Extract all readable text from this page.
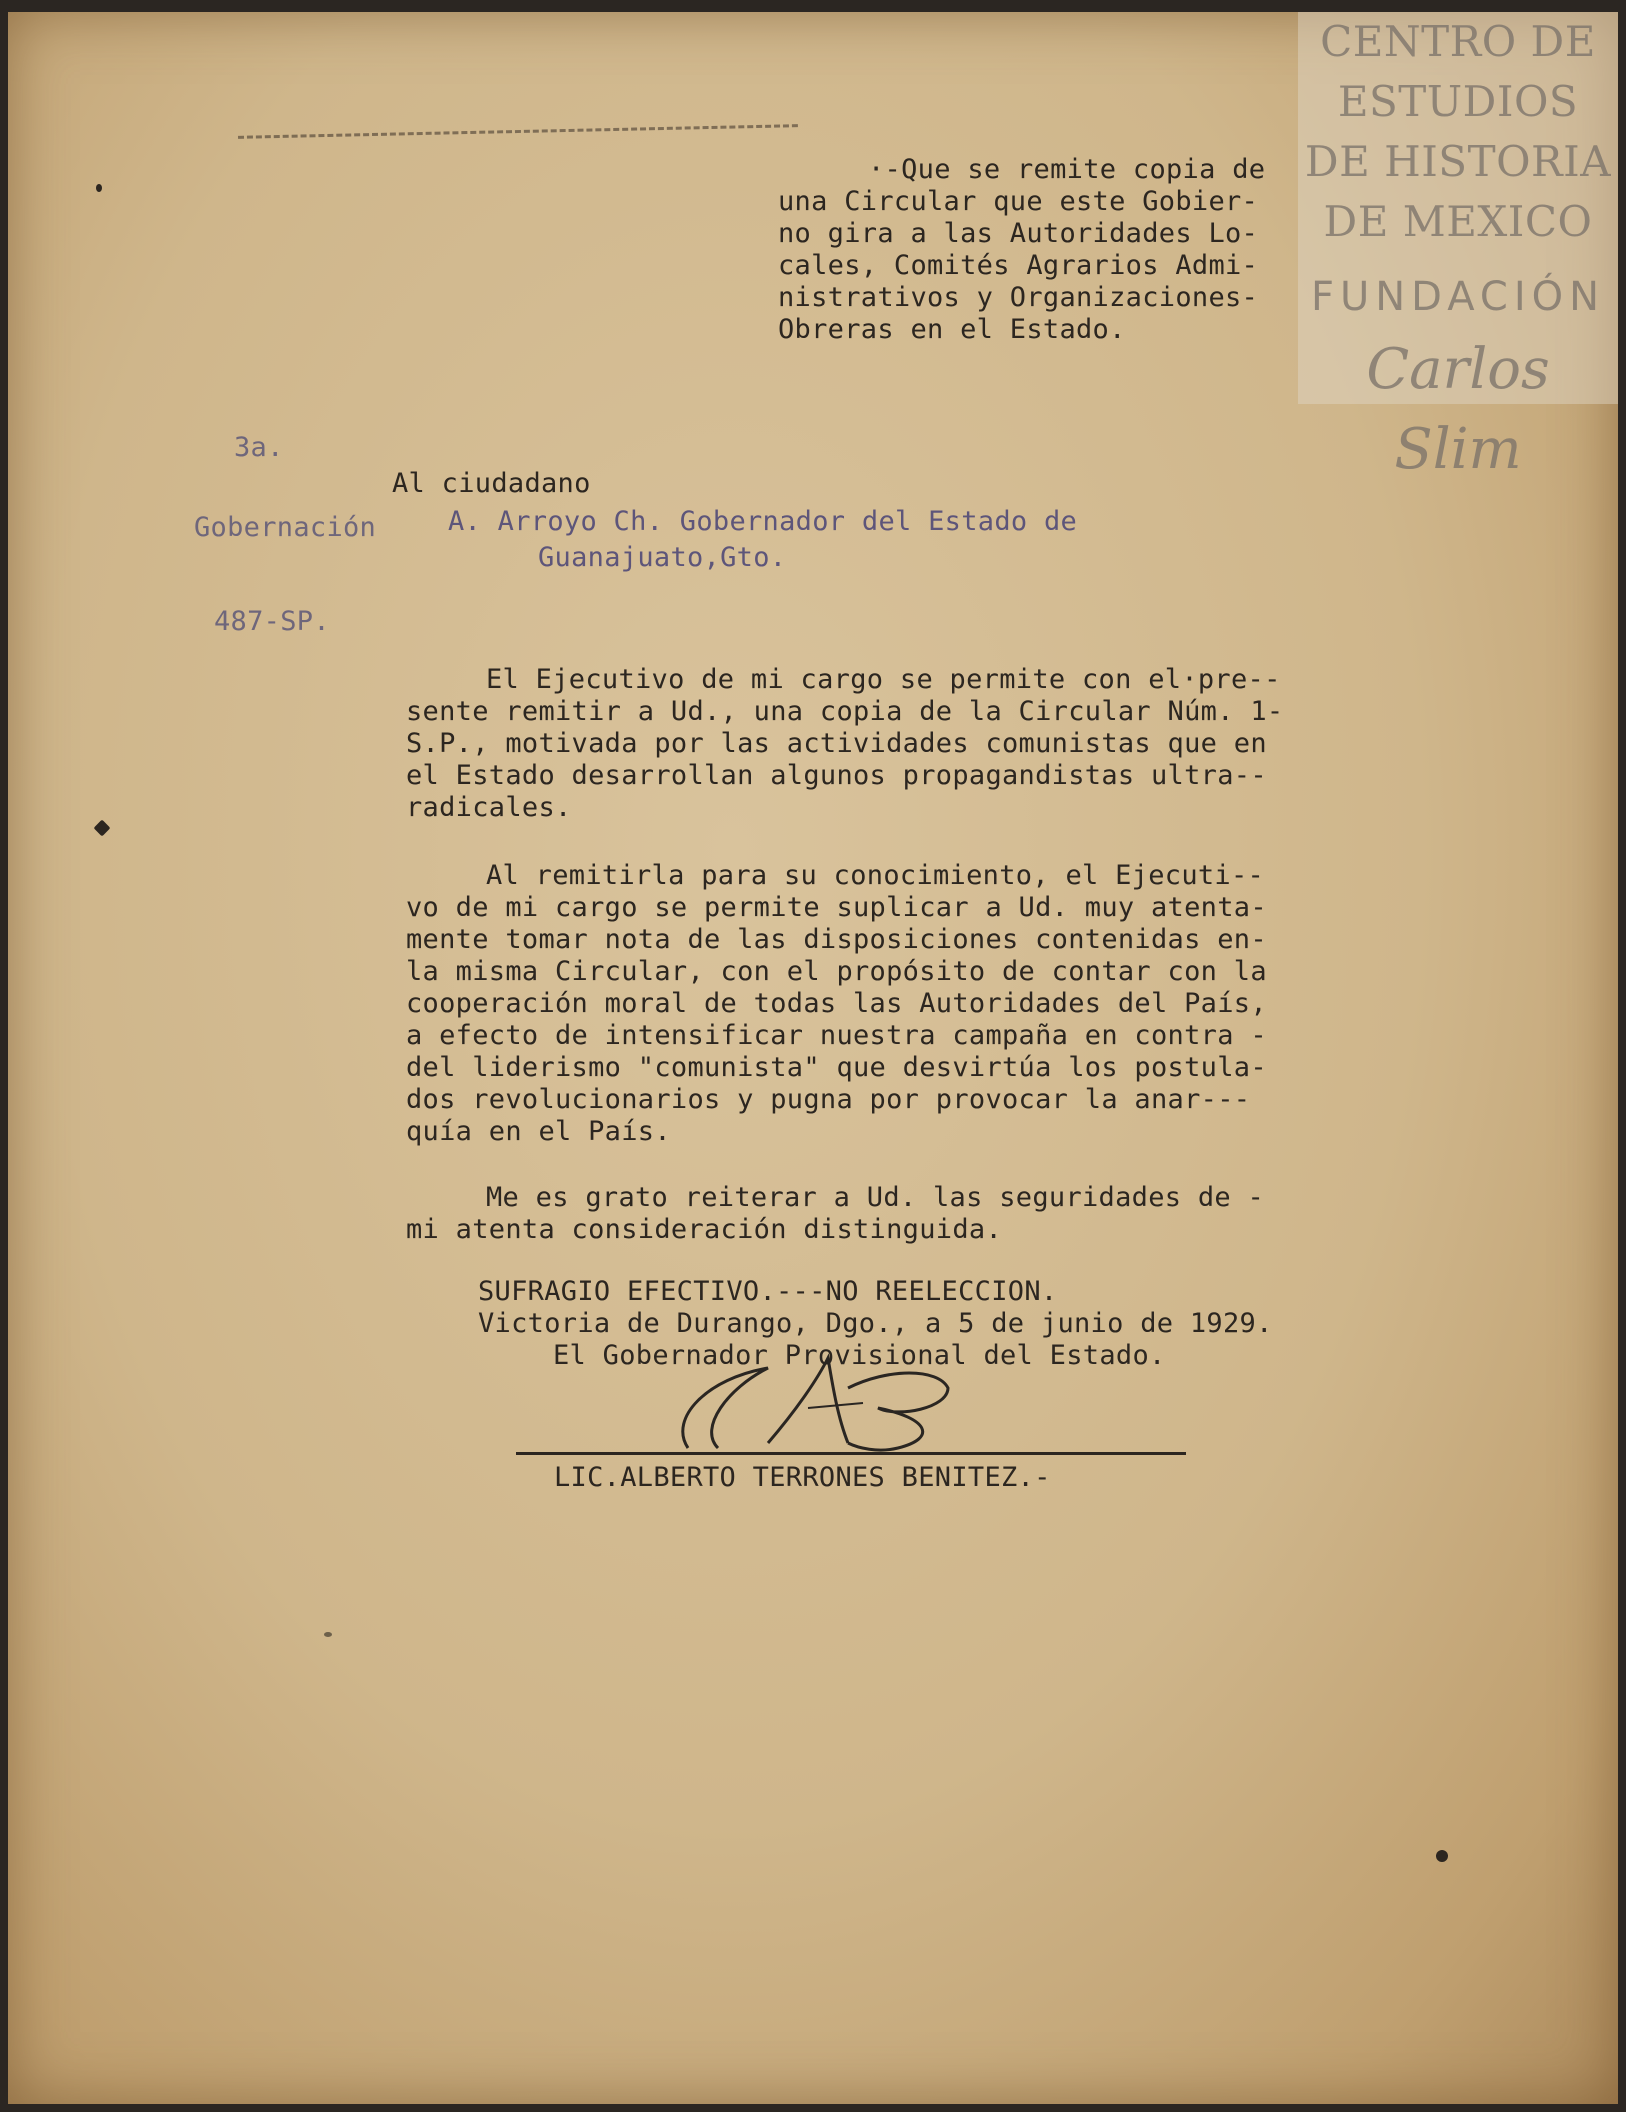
CENTRO DE
ESTUDIOS
DE HISTORIA
DE MEXICO
FUNDACIÓN
Carlos Slim
·-Que se remite copia de
una Circular que este Gobier-
no gira a las Autoridades Lo-
cales, Comités Agrarios Admi-
nistrativos y Organizaciones-
Obreras en el Estado.
3a.
Gobernación
487-SP.
Al ciudadano
A. Arroyo Ch. Gobernador del Estado de
Guanajuato,Gto.
El Ejecutivo de mi cargo se permite con el·pre--
sente remitir a Ud., una copia de la Circular Núm. 1-
S.P., motivada por las actividades comunistas que en
el Estado desarrollan algunos propagandistas ultra--
radicales.
Al remitirla para su conocimiento, el Ejecuti--
vo de mi cargo se permite suplicar a Ud. muy atenta-
mente tomar nota de las disposiciones contenidas en-
la misma Circular, con el propósito de contar con la
cooperación moral de todas las Autoridades del País,
a efecto de intensificar nuestra campaña en contra -
del liderismo "comunista" que desvirtúa los postula-
dos revolucionarios y pugna por provocar la anar---
quía en el País.
Me es grato reiterar a Ud. las seguridades de -
mi atenta consideración distinguida.
SUFRAGIO EFECTIVO.---NO REELECCION.
Victoria de Durango, Dgo., a 5 de junio de 1929.
El Gobernador Provisional del Estado.
LIC.ALBERTO TERRONES BENITEZ.-
